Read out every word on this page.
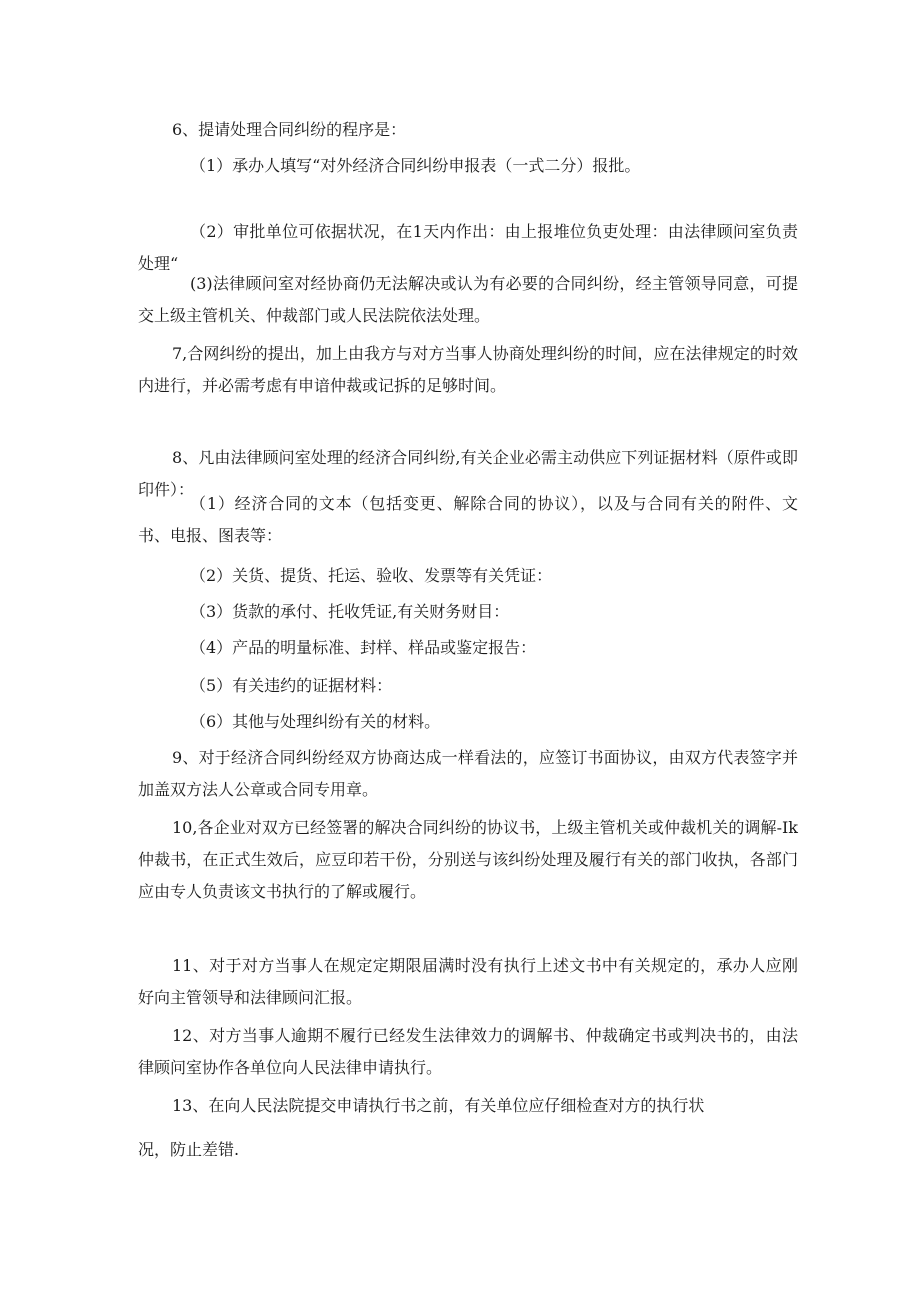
6、提请处理合同纠纷的程序是：

（1）承办人填写“对外经济合同纠纷申报表（一式二分）报批。

（2）审批单位可依据状况，在1天内作出：由上报堆位负吏处理：由法律顾问室负责处理“

(3)法律顾问室对经协商仍无法解决或认为有必要的合同纠纷，经主管领导同意，可提交上级主管机关、仲裁部门或人民法院依法处理。

7,合网纠纷的提出，加上由我方与对方当事人协商处理纠纷的时间，应在法律规定的时效内进行，并必需考虑有申谙仲裁或记拆的足够时间。

8、凡由法律顾问室处理的经济合同纠纷,有关企业必需主动供应下列证据材料（原件或即印件）：

（1）经济合同的文本（包括变更、解除合同的协议），以及与合同有关的附件、文书、电报、图表等：

（2）关货、提货、托运、验收、发票等有关凭证：

（3）货款的承付、托收凭证,有关财务财目：

（4）产品的明量标准、封样、样品或鉴定报告：

（5）有关违约的证据材料：

（6）其他与处理纠纷有关的材料。

9、对于经济合同纠纷经双方协商达成一样看法的，应签订书面协议，由双方代表签字并加盖双方法人公章或合同专用章。

10,各企业对双方已经签署的解决合同纠纷的协议书，上级主管机关或仲裁机关的调解-Ik仲裁书，在正式生效后，应豆印若干份，分别送与该纠纷处理及履行有关的部门收执，各部门应由专人负责该文书执行的了解或履行。

11、对于对方当事人在规定定期限届满时没有执行上述文书中有关规定的，承办人应刚好向主管领导和法律顾问汇报。

12、对方当事人逾期不履行已经发生法律效力的调解书、仲裁确定书或判决书的，由法律顾问室协作各单位向人民法律申请执行。

13、在向人民法院提交申请执行书之前，有关单位应仔细检查对方的执行状

况，防止差错.
